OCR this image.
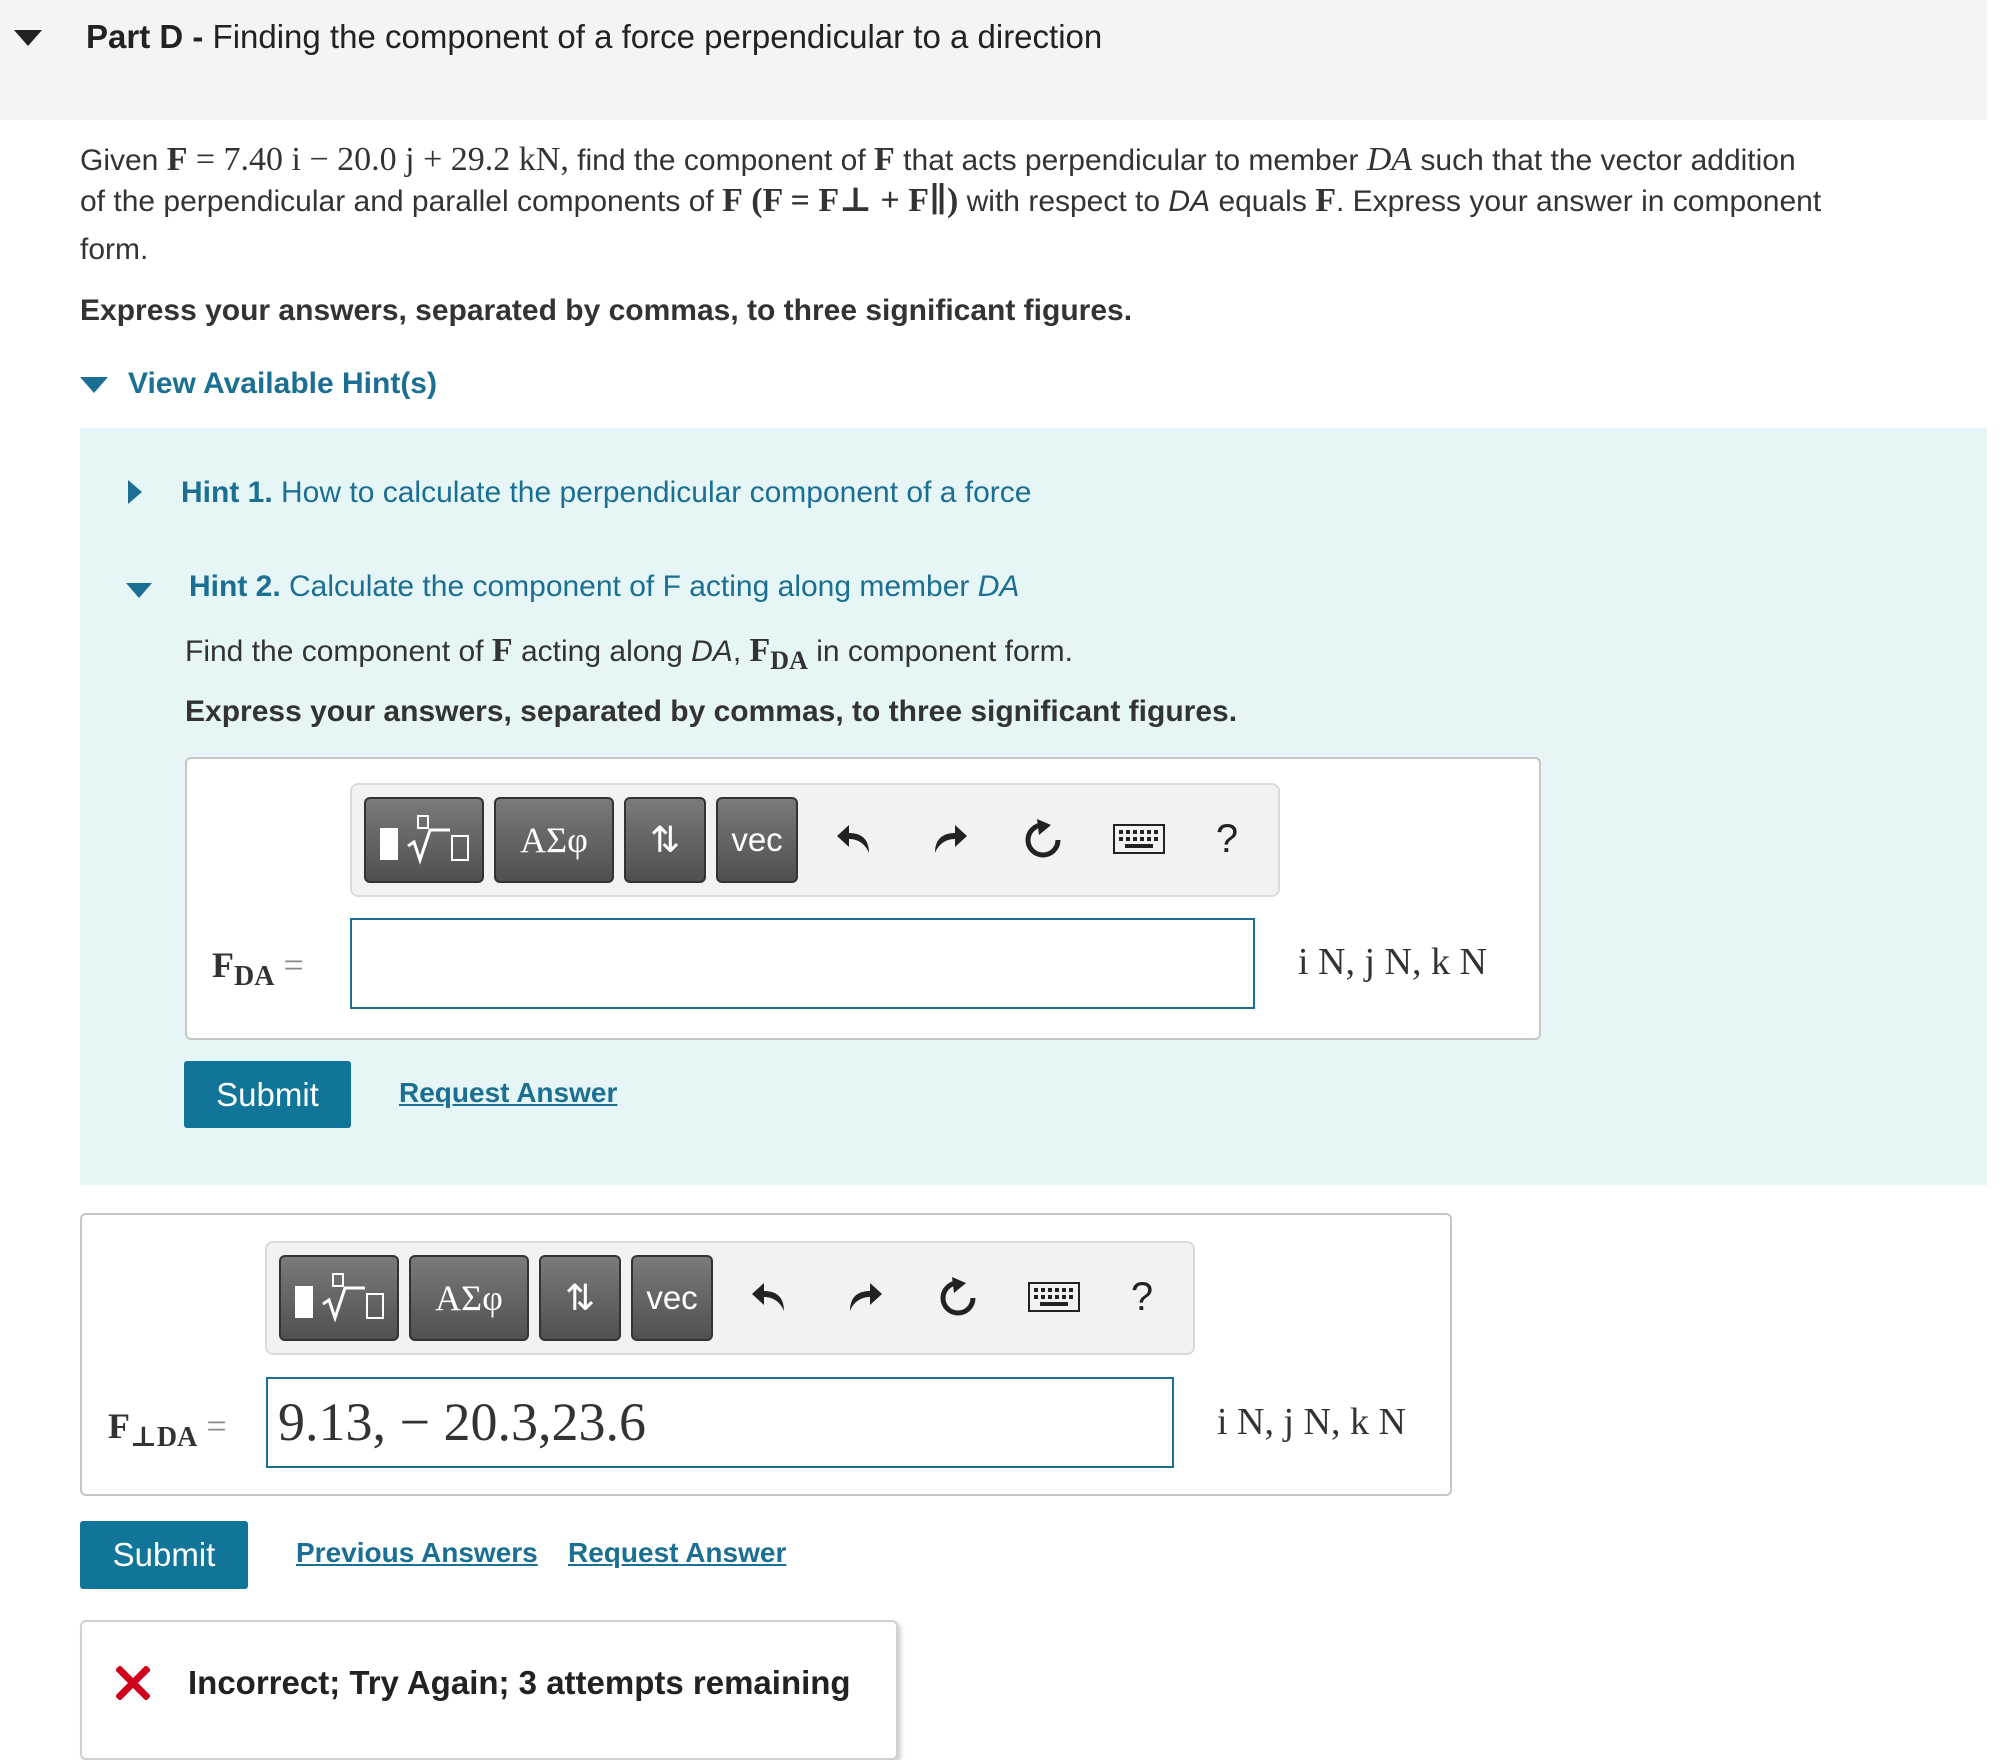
Part D - Finding the component of a force perpendicular to a direction
Given F = 7.40 i − 20.0 j + 29.2 kN, find the component of F that acts perpendicular to member DA such that the vector addition
of the perpendicular and parallel components of F (F = F⊥ + F∥) with respect to DA equals F. Express your answer in component
form.
Express your answers, separated by commas, to three significant figures.
View Available Hint(s)
Hint 1. How to calculate the perpendicular component of a force
Hint 2. Calculate the component of F acting along member DA
Find the component of F acting along DA, $F_{DA}$ in component form.
Express your answers, separated by commas, to three significant figures.
ΑΣφ ⇅ vec	?
$F_{DA}$ =	i N, j N, k N
Submit	Request Answer
ΑΣφ ⇅ vec	?
$F_{\perp DA} = 9.13$, − 20.3,23.6	i N, j N, k N
Submit	Previous Answers Request Answer
Incorrect; Try Again; 3 attempts remaining
